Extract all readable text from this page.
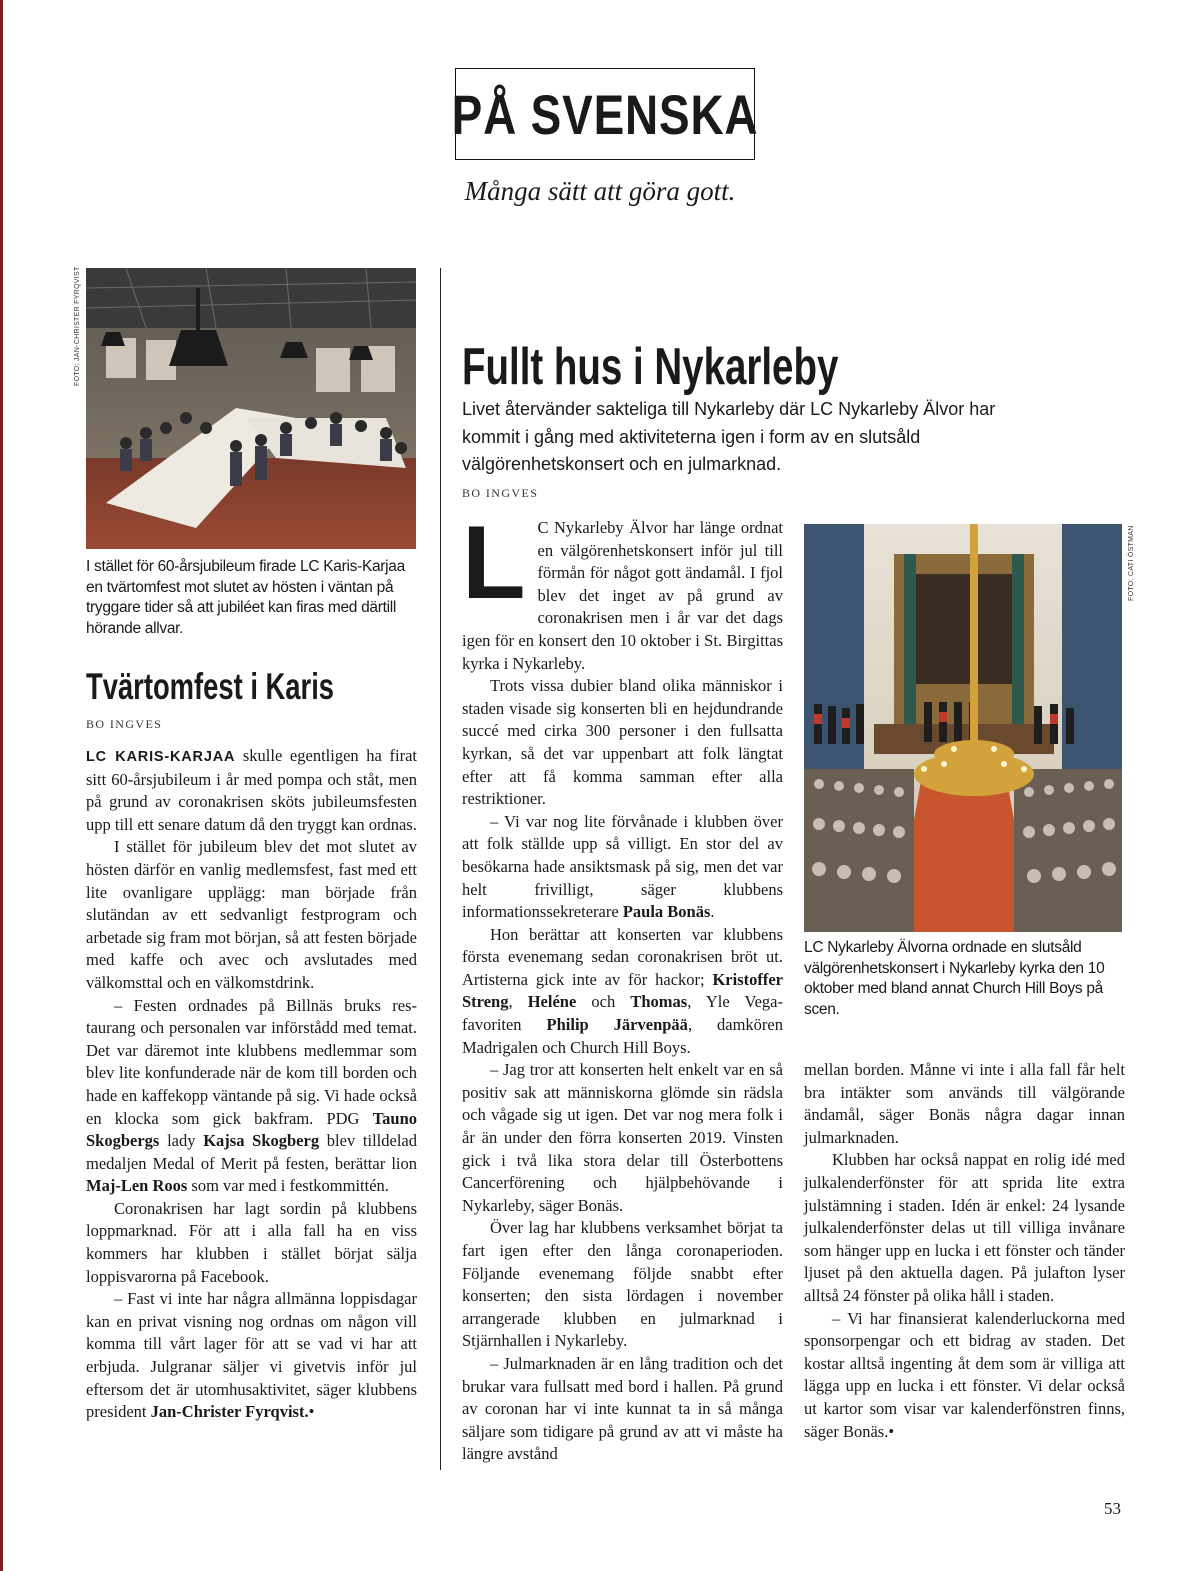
PÅ SVENSKA
Många sätt att göra gott.
FOTO: JAN-CHRISTER FYRQVIST
I stället för 60-årsjubileum firade LC Karis-Karjaa en tvärtomfest mot slutet av hösten i väntan på tryggare tider så att jubiléet kan firas med därtill hörande allvar.
Tvärtomfest i Karis
BO INGVES

LC KARIS-KARJAA skulle egentligen ha firat sitt 60-årsjubileum i år med pompa och ståt, men på grund av coronakrisen sköts jubileumsfesten upp till ett senare datum då den tryggt kan ordnas.

I stället för jubileum blev det mot slutet av hösten därför en vanlig medlemsfest, fast med ett lite ovanligare upplägg: man började från slutändan av ett sedvanligt festprogram och arbetade sig fram mot början, så att festen började med kaffe och avec och avslutades med välkomsttal och en välkomstdrink.

– Festen ordnades på Billnäs bruks restaurang och personalen var införstådd med temat. Det var däremot inte klubbens medlemmar som blev lite konfunderade när de kom till borden och hade en kaffekopp väntande på sig. Vi hade också en klocka som gick bakfram. PDG Tauno Skogbergs lady Kajsa Skogberg blev tilldelad medaljen Medal of Merit på festen, berättar lion Maj-Len Roos som var med i festkommittén.

Coronakrisen har lagt sordin på klubbens loppmarknad. För att i alla fall ha en viss kommers har klubben i stället börjat sälja loppisvarorna på Facebook.

– Fast vi inte har några allmänna loppisdagar kan en privat visning nog ordnas om någon vill komma till vårt lager för att se vad vi har att erbjuda. Julgranar säljer vi givetvis inför jul eftersom det är utomhusaktivitet, säger klubbens president Jan-Christer Fyrqvist.•

Fullt hus i Nykarleby
Livet återvänder sakteliga till Nykarleby där LC Nykarleby Älvor har kommit i gång med aktiviteterna igen i form av en slutsåld välgörenhetskonsert och en julmarknad.
BO INGVES

L C Nykarleby Älvor har länge ordnat en välgörenhetskonsert inför jul till förmån för något gott ändamål. I fjol blev det inget av på grund av coronakrisen men i år var det dags igen för en konsert den 10 oktober i St. Birgittas kyrka i Nykarleby.

Trots vissa dubier bland olika människor i staden visade sig konserten bli en hejdundrande succé med cirka 300 personer i den fullsatta kyrkan, så det var uppenbart att folk längtat efter att få komma samman efter alla restriktioner.

– Vi var nog lite förvånade i klubben över att folk ställde upp så villigt. En stor del av besökarna hade ansiktsmask på sig, men det var helt frivilligt, säger klubbens informationssekreterare Paula Bonäs.

Hon berättar att konserten var klubbens första evenemang sedan coronakrisen bröt ut. Artisterna gick inte av för hackor; Kristoffer Streng, Heléne och Thomas, Yle Vega-favoriten Philip Järvenpää, damkören Madrigalen och Church Hill Boys.

– Jag tror att konserten helt enkelt var en så positiv sak att människorna glömde sin rädsla och vågade sig ut igen. Det var nog mera folk i år än under den förra konserten 2019. Vinsten gick i två lika stora delar till Österbottens Cancerförening och hjälpbehövande i Nykarleby, säger Bonäs.

Över lag har klubbens verksamhet börjat ta fart igen efter den långa coronaperioden. Följande evenemang följde snabbt efter konserten; den sista lördagen i november arrangerade klubben en julmarknad i Stjärnhallen i Nykarleby.

– Julmarknaden är en lång tradition och det brukar vara fullsatt med bord i hallen. På grund av coronan har vi inte kunnat ta in så många säljare som tidigare på grund av att vi måste ha längre avstånd

FOTO: CATI ÖSTMAN
LC Nykarleby Älvorna ordnade en slutsåld välgörenhetskonsert i Nykarleby kyrka den 10 oktober med bland annat Church Hill Boys på scen.

mellan borden. Månne vi inte i alla fall får helt bra intäkter som används till välgörande ändamål, säger Bonäs några dagar innan julmarknaden.

Klubben har också nappat en rolig idé med julkalenderfönster för att sprida lite extra julstämning i staden. Idén är enkel: 24 lysande julkalenderfönster delas ut till villiga invånare som hänger upp en lucka i ett fönster och tänder ljuset på den aktuella dagen. På julafton lyser alltså 24 fönster på olika håll i staden.

– Vi har finansierat kalenderluckorna med sponsorpengar och ett bidrag av staden. Det kostar alltså ingenting åt dem som är villiga att lägga upp en lucka i ett fönster. Vi delar också ut kartor som visar var kalenderfönstren finns, säger Bonäs.•

53
